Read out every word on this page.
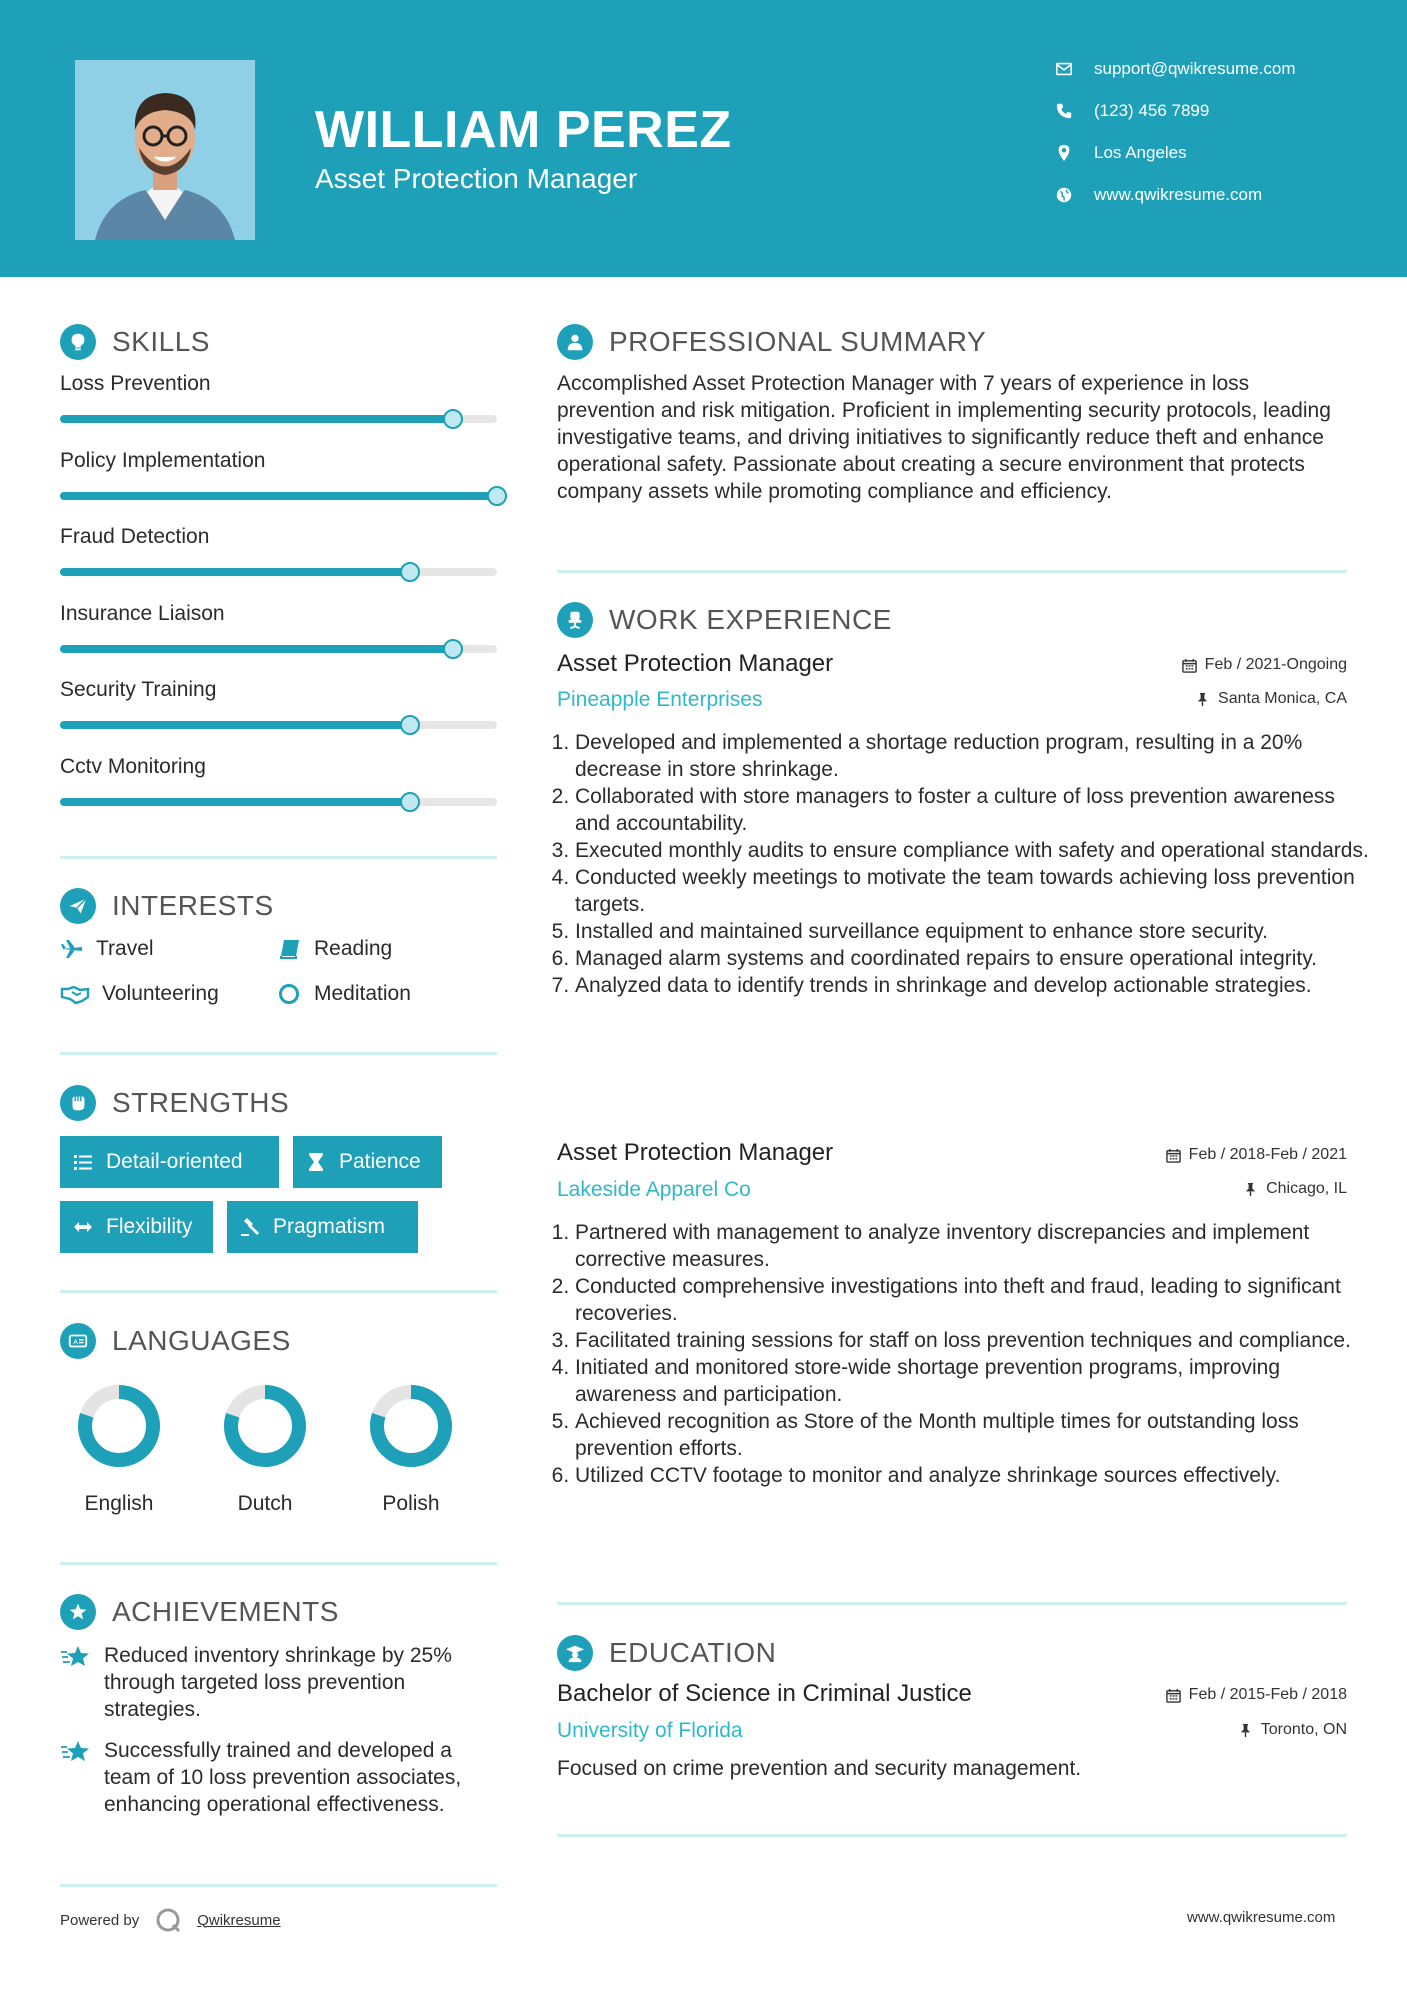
WILLIAM PEREZ
Asset Protection Manager
support@qwikresume.com
(123) 456 7899
Los Angeles
www.qwikresume.com
SKILLS
Loss Prevention
Policy Implementation
Fraud Detection
Insurance Liaison
Security Training
Cctv Monitoring
INTERESTS
Travel	Reading
Volunteering	Meditation
STRENGTHS
Detail-oriented	Patience
Flexibility	Pragmatism
A LANGUAGES
English	Dutch	Polish
ACHIEVEMENTS
Reduced inventory shrinkage by 25% through targeted loss prevention strategies.
Successfully trained and developed a team of 10 loss prevention associates, enhancing operational effectiveness.
Powered by	Qwikresume	www.qwikresume.com
PROFESSIONAL SUMMARY
Accomplished Asset Protection Manager with 7 years of experience in loss prevention and risk mitigation. Proficient in implementing security protocols, leading investigative teams, and driving initiatives to significantly reduce theft and enhance operational safety. Passionate about creating a secure environment that protects company assets while promoting compliance and efficiency.
WORK EXPERIENCE
Asset Protection Manager	Feb / 2021-Ongoing
Pineapple Enterprises	Santa Monica, CA
1. Developed and implemented a shortage reduction program, resulting in a 20% decrease in store shrinkage.
2. Collaborated with store managers to foster a culture of loss prevention awareness and accountability.
3. Executed monthly audits to ensure compliance with safety and operational standards.
4. Conducted weekly meetings to motivate the team towards achieving loss prevention targets.
5. Installed and maintained surveillance equipment to enhance store security.
6. Managed alarm systems and coordinated repairs to ensure operational integrity.
7. Analyzed data to identify trends in shrinkage and develop actionable strategies.
Asset Protection Manager	Feb / 2018-Feb / 2021
Lakeside Apparel Co	Chicago, IL
1. Partnered with management to analyze inventory discrepancies and implement corrective measures.
2. Conducted comprehensive investigations into theft and fraud, leading to significant recoveries.
3. Facilitated training sessions for staff on loss prevention techniques and compliance.
4. Initiated and monitored store-wide shortage prevention programs, improving awareness and participation.
5. Achieved recognition as Store of the Month multiple times for outstanding loss prevention efforts.
6. Utilized CCTV footage to monitor and analyze shrinkage sources effectively.
EDUCATION
Bachelor of Science in Criminal Justice	Feb / 2015-Feb / 2018
University of Florida	Toronto, ON
Focused on crime prevention and security management.
